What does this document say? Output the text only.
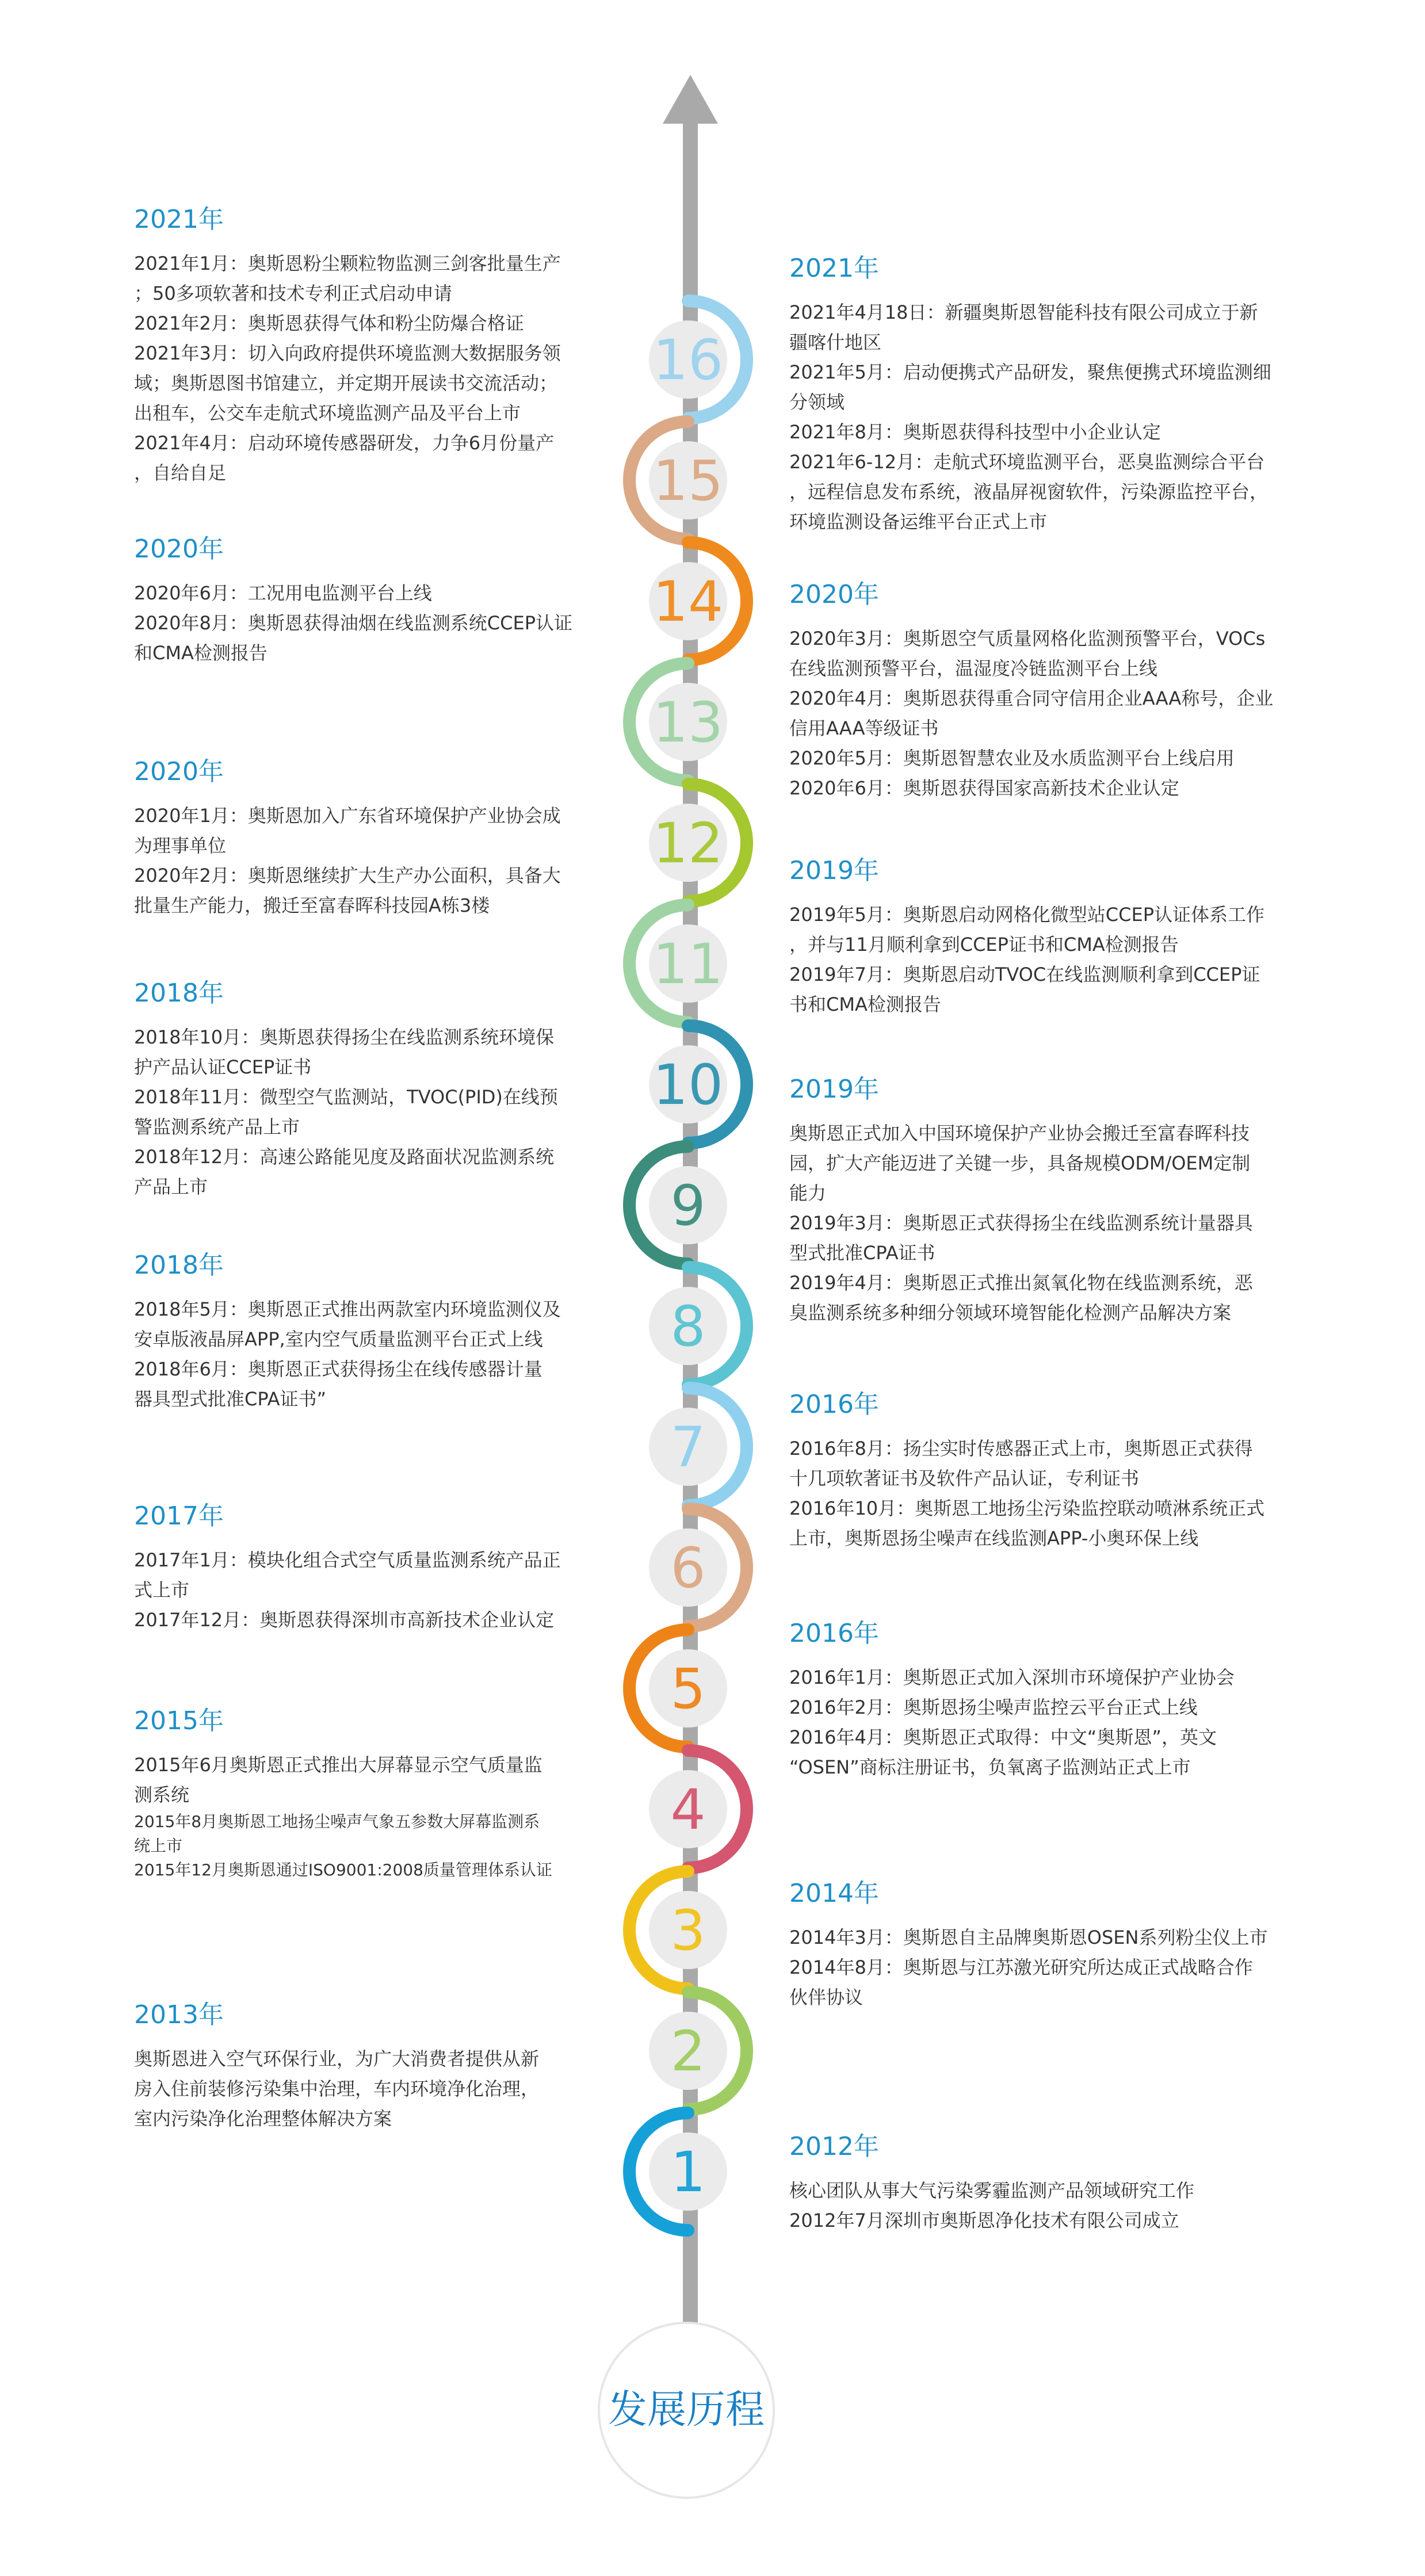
16
15
14
13
12
11
10
9
8
7
6
5
4
3
2
1
发展历程
2021年
2021年1月：奥斯恩粉尘颗粒物监测三剑客批量生产
；50多项软著和技术专利正式启动申请
2021年2月：奥斯恩获得气体和粉尘防爆合格证
2021年3月：切入向政府提供环境监测大数据服务领
域；奥斯恩图书馆建立，并定期开展读书交流活动；
出租车，公交车走航式环境监测产品及平台上市
2021年4月：启动环境传感器研发，力争6月份量产
，自给自足
2020年
2020年6月：工况用电监测平台上线
2020年8月：奥斯恩获得油烟在线监测系统CCEP认证
和CMA检测报告
2020年
2020年1月：奥斯恩加入广东省环境保护产业协会成
为理事单位
2020年2月：奥斯恩继续扩大生产办公面积，具备大
批量生产能力，搬迁至富春晖科技园A栋3楼
2018年
2018年10月：奥斯恩获得扬尘在线监测系统环境保
护产品认证CCEP证书
2018年11月：微型空气监测站，TVOC(PID)在线预
警监测系统产品上市
2018年12月：高速公路能见度及路面状况监测系统
产品上市
2018年
2018年5月：奥斯恩正式推出两款室内环境监测仪及
安卓版液晶屏APP,室内空气质量监测平台正式上线
2018年6月：奥斯恩正式获得扬尘在线传感器计量
器具型式批准CPA证书”
2017年
2017年1月：模块化组合式空气质量监测系统产品正
式上市
2017年12月：奥斯恩获得深圳市高新技术企业认定
2015年
2015年6月奥斯恩正式推出大屏幕显示空气质量监
测系统
2015年8月奥斯恩工地扬尘噪声气象五参数大屏幕监测系
统上市
2015年12月奥斯恩通过ISO9001:2008质量管理体系认证
2013年
奥斯恩进入空气环保行业，为广大消费者提供从新
房入住前装修污染集中治理，车内环境净化治理，
室内污染净化治理整体解决方案
2021年
2021年4月18日：新疆奥斯恩智能科技有限公司成立于新
疆喀什地区
2021年5月：启动便携式产品研发，聚焦便携式环境监测细
分领域
2021年8月：奥斯恩获得科技型中小企业认定
2021年6-12月：走航式环境监测平台，恶臭监测综合平台
，远程信息发布系统，液晶屏视窗软件，污染源监控平台，
环境监测设备运维平台正式上市
2020年
2020年3月：奥斯恩空气质量网格化监测预警平台，VOCs
在线监测预警平台，温湿度冷链监测平台上线
2020年4月：奥斯恩获得重合同守信用企业AAA称号，企业
信用AAA等级证书
2020年5月：奥斯恩智慧农业及水质监测平台上线启用
2020年6月：奥斯恩获得国家高新技术企业认定
2019年
2019年5月：奥斯恩启动网格化微型站CCEP认证体系工作
，并与11月顺利拿到CCEP证书和CMA检测报告
2019年7月：奥斯恩启动TVOC在线监测顺利拿到CCEP证
书和CMA检测报告
2019年
奥斯恩正式加入中国环境保护产业协会搬迁至富春晖科技
园，扩大产能迈进了关键一步，具备规模ODM/OEM定制
能力
2019年3月：奥斯恩正式获得扬尘在线监测系统计量器具
型式批准CPA证书
2019年4月：奥斯恩正式推出氮氧化物在线监测系统，恶
臭监测系统多种细分领域环境智能化检测产品解决方案
2016年
2016年8月：扬尘实时传感器正式上市，奥斯恩正式获得
十几项软著证书及软件产品认证，专利证书
2016年10月：奥斯恩工地扬尘污染监控联动喷淋系统正式
上市，奥斯恩扬尘噪声在线监测APP-小奥环保上线
2016年
2016年1月：奥斯恩正式加入深圳市环境保护产业协会
2016年2月：奥斯恩扬尘噪声监控云平台正式上线
2016年4月：奥斯恩正式取得：中文“奥斯恩”，英文
“OSEN”商标注册证书，负氧离子监测站正式上市
2014年
2014年3月：奥斯恩自主品牌奥斯恩OSEN系列粉尘仪上市
2014年8月：奥斯恩与江苏激光研究所达成正式战略合作
伙伴协议
2012年
核心团队从事大气污染雾霾监测产品领域研究工作
2012年7月深圳市奥斯恩净化技术有限公司成立
